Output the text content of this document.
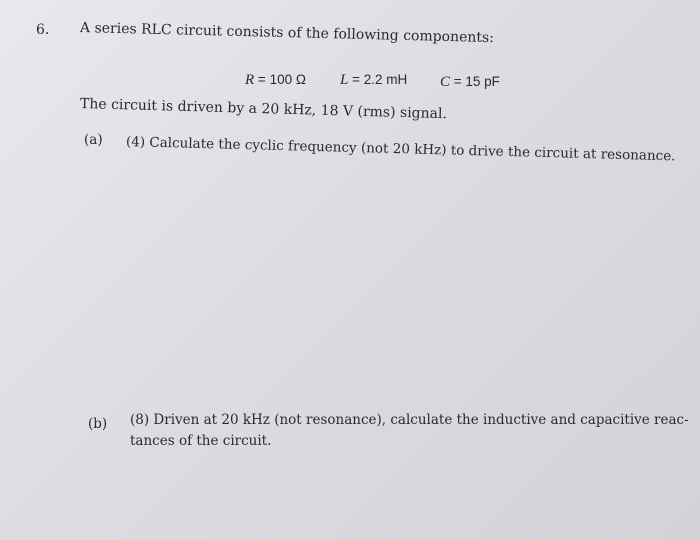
6. A series RLC circuit consists of the following components:
R = 100 Ω L = 2.2 mH C = 15 pF
The circuit is driven by a 20 kHz, 18 V (rms) signal.
(a) (4) Calculate the cyclic frequency (not 20 kHz) to drive the circuit at resonance.
(b) (8) Driven at 20 kHz (not resonance), calculate the inductive and capacitive reac-
tances of the circuit.
